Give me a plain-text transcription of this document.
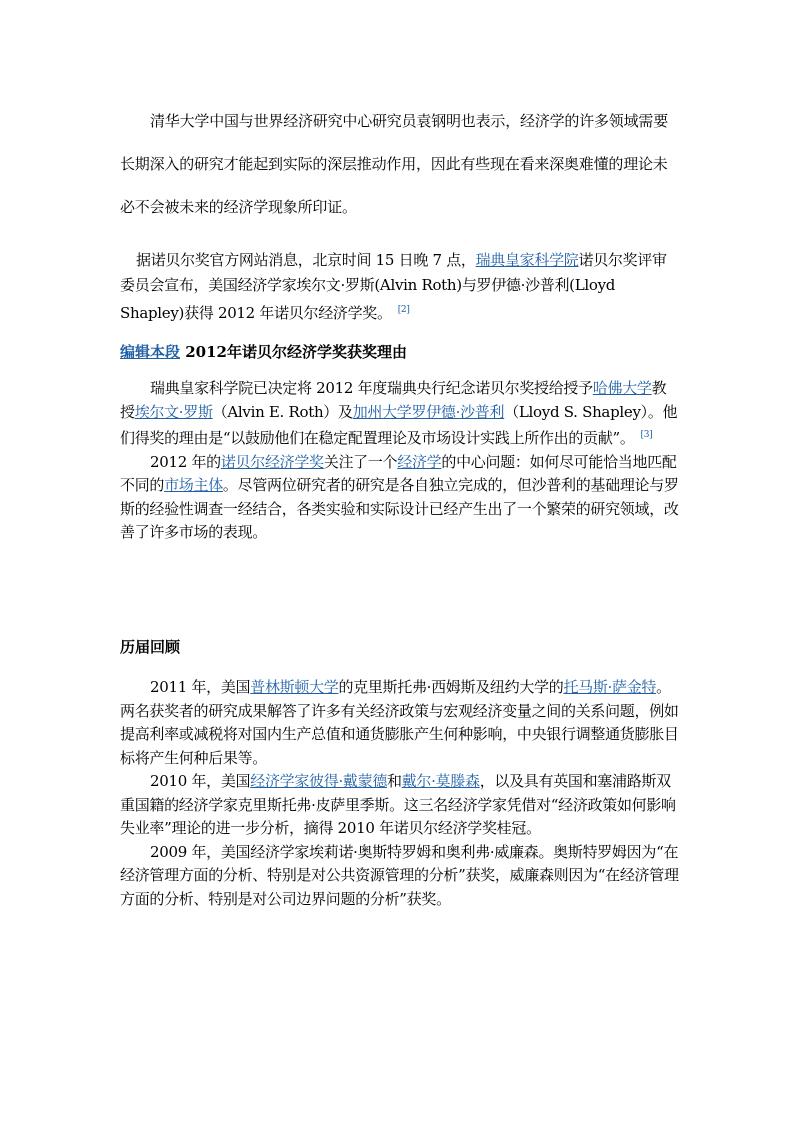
清华大学中国与世界经济研究中心研究员袁钢明也表示，经济学的许多领域需要长期深入的研究才能起到实际的深层推动作用，因此有些现在看来深奥难懂的理论未必不会被未来的经济学现象所印证。

据诺贝尔奖官方网站消息，北京时间 15 日晚 7 点，瑞典皇家科学院诺贝尔奖评审委员会宣布，美国经济学家埃尔文·罗斯(Alvin Roth)与罗伊德·沙普利(Lloyd Shapley)获得 2012 年诺贝尔经济学奖。 [2]

编辑本段 2012年诺贝尔经济学奖获奖理由

瑞典皇家科学院已决定将 2012 年度瑞典央行纪念诺贝尔奖授给授予哈佛大学教授埃尔文·罗斯（Alvin E. Roth）及加州大学罗伊德·沙普利（Lloyd S. Shapley）。他们得奖的理由是“以鼓励他们在稳定配置理论及市场设计实践上所作出的贡献”。 [3]

2012 年的诺贝尔经济学奖关注了一个经济学的中心问题：如何尽可能恰当地匹配不同的市场主体。尽管两位研究者的研究是各自独立完成的，但沙普利的基础理论与罗斯的经验性调查一经结合，各类实验和实际设计已经产生出了一个繁荣的研究领域，改善了许多市场的表现。

历届回顾

2011 年，美国普林斯顿大学的克里斯托弗·西姆斯及纽约大学的托马斯·萨金特。两名获奖者的研究成果解答了许多有关经济政策与宏观经济变量之间的关系问题，例如提高利率或减税将对国内生产总值和通货膨胀产生何种影响，中央银行调整通货膨胀目标将产生何种后果等。

2010 年，美国经济学家彼得·戴蒙德和戴尔·莫滕森，以及具有英国和塞浦路斯双重国籍的经济学家克里斯托弗·皮萨里季斯。这三名经济学家凭借对“经济政策如何影响失业率”理论的进一步分析，摘得 2010 年诺贝尔经济学奖桂冠。

2009 年，美国经济学家埃莉诺·奥斯特罗姆和奥利弗·威廉森。奥斯特罗姆因为“在经济管理方面的分析、特别是对公共资源管理的分析”获奖，威廉森则因为“在经济管理方面的分析、特别是对公司边界问题的分析”获奖。
